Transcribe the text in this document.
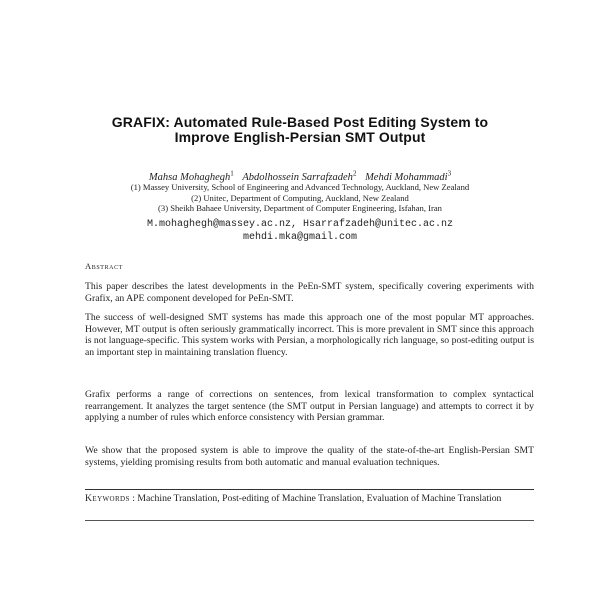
GRAFIX: Automated Rule-Based Post Editing System to
Improve English-Persian SMT Output
Mahsa Mohaghegh$^1$ Abdolhossein Sarrafzadeh$^2$ Mehdi Mohammadi$^3$
(1) Massey University, School of Engineering and Advanced Technology, Auckland, New Zealand
(2) Unitec, Department of Computing, Auckland, New Zealand
(3) Sheikh Bahaee University, Department of Computer Engineering, Isfahan, Iran
M.mohaghegh@massey.ac.nz, Hsarrafzadeh@unitec.ac.nz
mehdi.mka@gmail.com
Abstract

This paper describes the latest developments in the PeEn-SMT system, specifically covering experiments with Grafix, an APE component developed for PeEn-SMT.

The success of well-designed SMT systems has made this approach one of the most popular MT approaches. However, MT output is often seriously grammatically incorrect. This is more prevalent in SMT since this approach is not language-specific. This system works with Persian, a morphologically rich language, so post-editing output is an important step in maintaining translation fluency.

Grafix performs a range of corrections on sentences, from lexical transformation to complex syntactical rearrangement. It analyzes the target sentence (the SMT output in Persian language) and attempts to correct it by applying a number of rules which enforce consistency with Persian grammar.

We show that the proposed system is able to improve the quality of the state-of-the-art English-Persian SMT systems, yielding promising results from both automatic and manual evaluation techniques.

Keywords : Machine Translation, Post-editing of Machine Translation, Evaluation of Machine Translation
